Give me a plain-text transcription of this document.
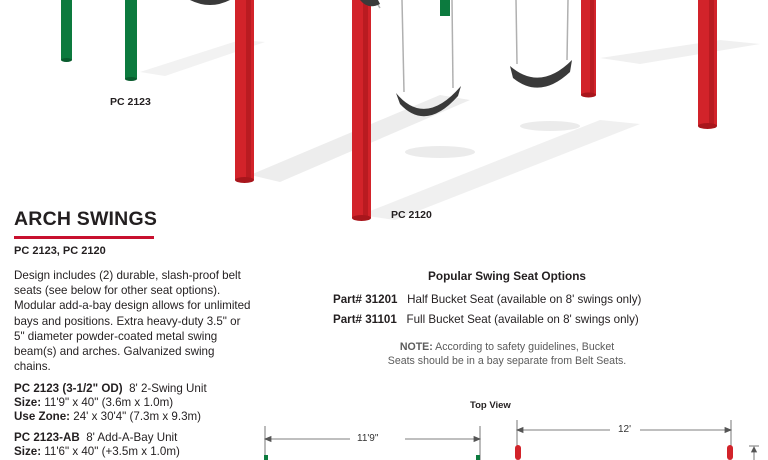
PC 2123
PC 2120
ARCH SWINGS
PC 2123, PC 2120
Design includes (2) durable, slash-proof belt seats (see below for other seat options). Modular add-a-bay design allows for unlimited bays and positions. Extra heavy-duty 3.5" or 5" diameter powder-coated metal swing beam(s) and arches. Galvanized swing chains.
PC 2123 (3-1/2" OD) 8' 2-Swing Unit
Size: 11'9" x 40" (3.6m x 1.0m)
Use Zone: 24' x 30'4" (7.3m x 9.3m)
PC 2123-AB 8' Add-A-Bay Unit
Size: 11'6" x 40" (+3.5m x 1.0m)
Popular Swing Seat Options
Part# 31201 Half Bucket Seat (available on 8' swings only)
Part# 31101 Full Bucket Seat (available on 8' swings only)
NOTE: According to safety guidelines, Bucket
Seats should be in a bay separate from Belt Seats.
Top View
11'9"
12'
